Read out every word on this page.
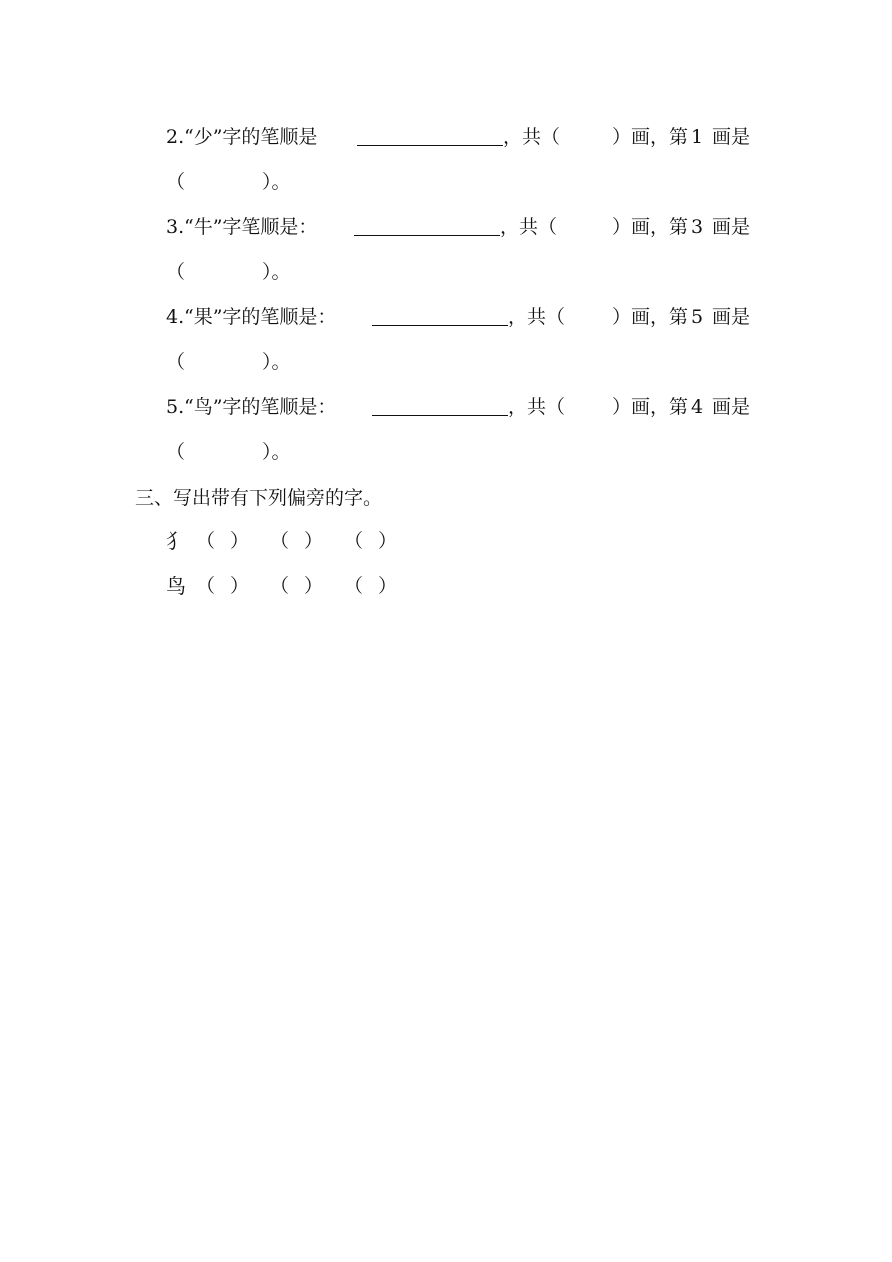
2. “少”字的笔顺是	，共（	）画，第 1 画是
（	）。
3. “牛”字笔顺是：	，共（	）画，第 3 画是
（	）。
4. “果”字的笔顺是：	，共（ ）画，第 5 画是
（	）。
5. “鸟”字的笔顺是：	，共（ ）画，第 4 画是
（	）。
三、写出带有下列偏旁的字。
犭 （ ） （ ） （ ）
鸟 （ ） （ ） （ ）
